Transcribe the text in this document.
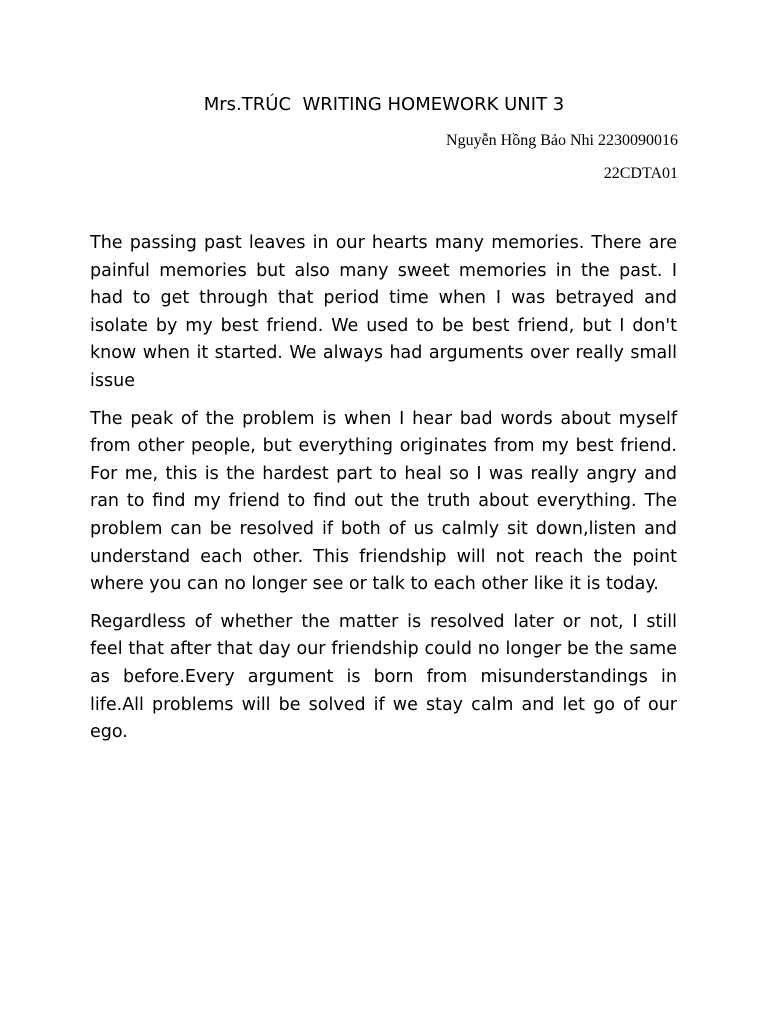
Mrs.TRÚC  WRITING HOMEWORK UNIT 3

Nguyễn Hồng Bảo Nhi 2230090016

22CDTA01

The passing past leaves in our hearts many memories. There are painful memories but also many sweet memories in the past. I had to get through that period time when I was betrayed and isolate by my best friend. We used to be best friend, but I don't know when it started. We always had arguments over really small issue

The peak of the problem is when I hear bad words about myself from other people, but everything originates from my best friend. For me, this is the hardest part to heal so I was really angry and ran to find my friend to find out the truth about everything. The problem can be resolved if both of us calmly sit down,listen and understand each other. This friendship will not reach the point where you can no longer see or talk to each other like it is today.

Regardless of whether the matter is resolved later or not, I still feel that after that day our friendship could no longer be the same as before.Every argument is born from misunderstandings in life.All problems will be solved if we stay calm and let go of our ego.
